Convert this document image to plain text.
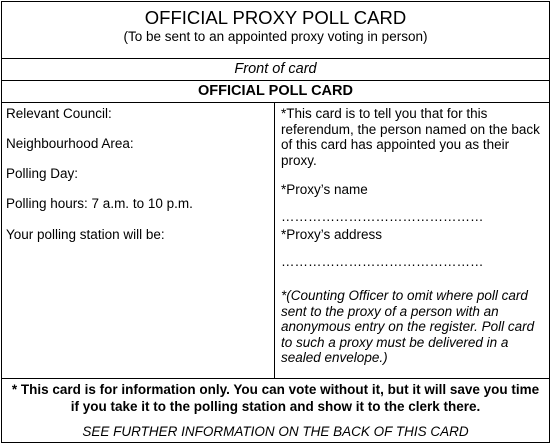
OFFICIAL PROXY POLL CARD
(To be sent to an appointed proxy voting in person)
Front of card
OFFICIAL POLL CARD
Relevant Council:
Neighbourhood Area:
Polling Day:
Polling hours: 7 a.m. to 10 p.m.
Your polling station will be:
*This card is to tell you that for this
referendum, the person named on the back
of this card has appointed you as their
proxy.
*Proxy’s name
………………………………………
*Proxy’s address
………………………………………
*(Counting Officer to omit where poll card
sent to the proxy of a person with an
anonymous entry on the register. Poll card
to such a proxy must be delivered in a
sealed envelope.)
* This card is for information only. You can vote without it, but it will save you time
if you take it to the polling station and show it to the clerk there.
SEE FURTHER INFORMATION ON THE BACK OF THIS CARD
